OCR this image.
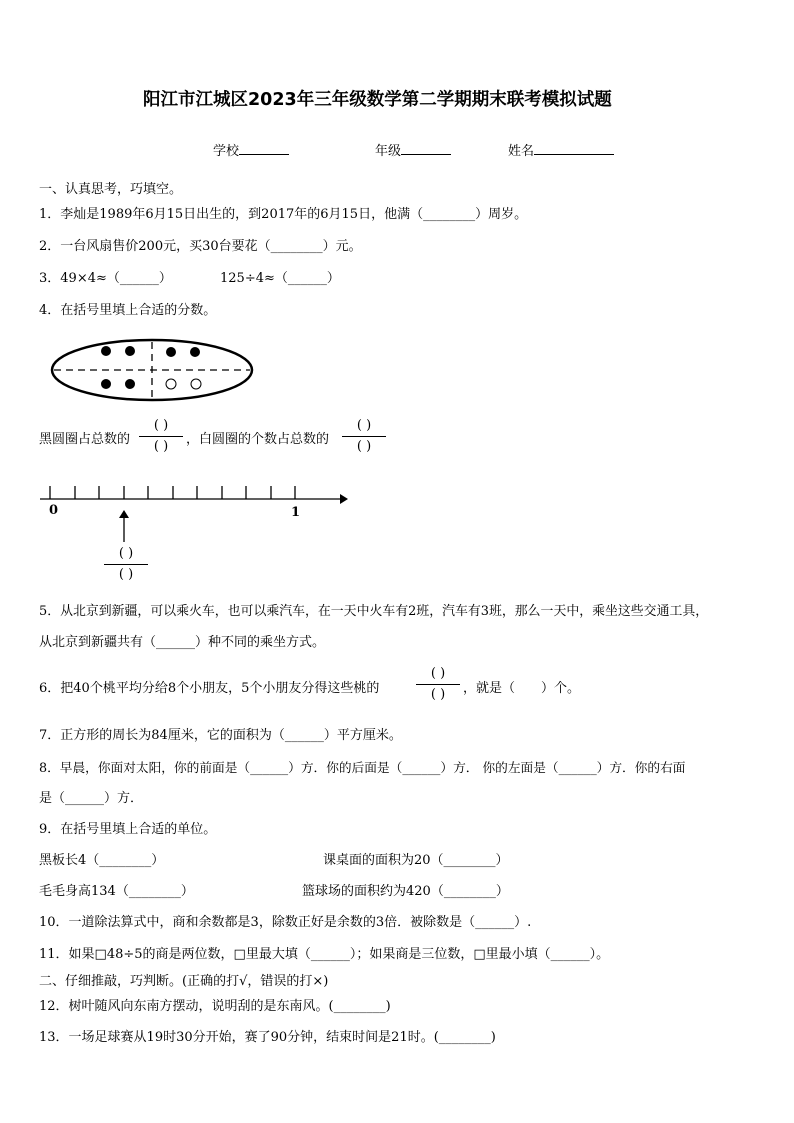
阳江市江城区2023年三年级数学第二学期期末联考模拟试题
学校	年级	姓名
一、认真思考，巧填空。
1．李灿是1989年6月15日出生的，到2017年的6月15日，他满（________）周岁。
2．一台风扇售价200元，买30台要花（________）元。
3．49×4≈（______）	125÷4≈（______）
4．在括号里填上合适的分数。
黑圆圈占总数的
( )
( )	，白圆圈的个数占总数的
( )
( )
0	1
( )
( )
5．从北京到新疆，可以乘火车，也可以乘汽车，在一天中火车有2班，汽车有3班，那么一天中，乘坐这些交通工具，
从北京到新疆共有（______）种不同的乘坐方式。
6．把40个桃平均分给8个小朋友，5个小朋友分得这些桃的
( )
( )	，就是（　　）个。
7．正方形的周长为84厘米，它的面积为（______）平方厘米。
8．早晨，你面对太阳，你的前面是（______）方．你的后面是（______）方． 你的左面是（______）方．你的右面
是（______）方．
9．在括号里填上合适的单位。
黑板长4（________）	课桌面的面积为20（________）
毛毛身高134（________）	篮球场的面积约为420（________）
10．一道除法算式中，商和余数都是3，除数正好是余数的3倍．被除数是（______）.
11．如果□48÷5的商是两位数，□里最大填（______）；如果商是三位数，□里最小填（______）。
二、仔细推敲，巧判断。(正确的打√，错误的打×)
12．树叶随风向东南方摆动，说明刮的是东南风。(________)
13．一场足球赛从19时30分开始，赛了90分钟，结束时间是21时。(________)
